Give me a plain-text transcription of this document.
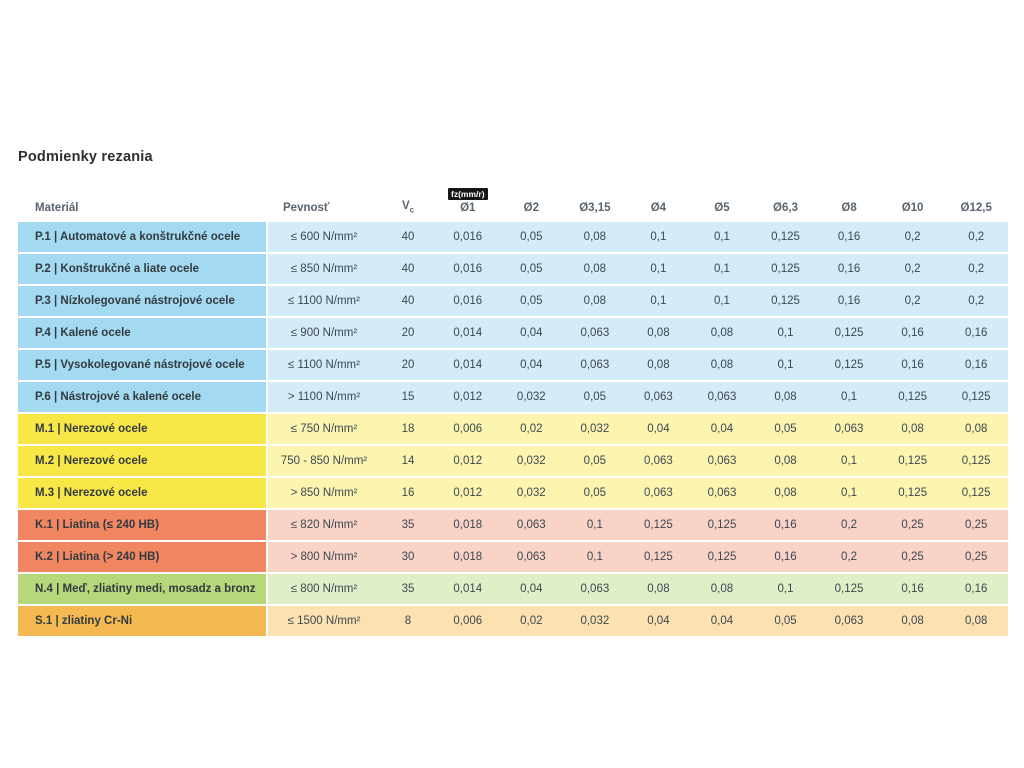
Podmienky rezania
Materiál	Pevnosť	$V_c$	fz(mm/r)
Ø1	Ø2	Ø3,15	Ø4	Ø5	Ø6,3	Ø8	Ø10	Ø12,5

P.1 | Automatové a konštrukčné ocele	≤ 600 N/mm²	40	0,016	0,05	0,08	0,1	0,1	0,125	0,16	0,2	0,2
P.2 | Konštrukčné a liate ocele	≤ 850 N/mm²	40	0,016	0,05	0,08	0,1	0,1	0,125	0,16	0,2	0,2
P.3 | Nízkolegované nástrojové ocele	≤ 1100 N/mm²	40	0,016	0,05	0,08	0,1	0,1	0,125	0,16	0,2	0,2
P.4 | Kalené ocele	≤ 900 N/mm²	20	0,014	0,04	0,063	0,08	0,08	0,1	0,125	0,16	0,16
P.5 | Vysokolegované nástrojové ocele	≤ 1100 N/mm²	20	0,014	0,04	0,063	0,08	0,08	0,1	0,125	0,16	0,16
P.6 | Nástrojové a kalené ocele	> 1100 N/mm²	15	0,012	0,032	0,05	0,063	0,063	0,08	0,1	0,125	0,125
M.1 | Nerezové ocele	≤ 750 N/mm²	18	0,006	0,02	0,032	0,04	0,04	0,05	0,063	0,08	0,08
M.2 | Nerezové ocele	750 - 850 N/mm²	14	0,012	0,032	0,05	0,063	0,063	0,08	0,1	0,125	0,125
M.3 | Nerezové ocele	> 850 N/mm²	16	0,012	0,032	0,05	0,063	0,063	0,08	0,1	0,125	0,125
K.1 | Liatina (≤ 240 HB)	≤ 820 N/mm²	35	0,018	0,063	0,1	0,125	0,125	0,16	0,2	0,25	0,25
K.2 | Liatina (> 240 HB)	> 800 N/mm²	30	0,018	0,063	0,1	0,125	0,125	0,16	0,2	0,25	0,25
N.4 | Meď, zliatiny medi, mosadz a bronz	≤ 800 N/mm²	35	0,014	0,04	0,063	0,08	0,08	0,1	0,125	0,16	0,16
S.1 | zliatiny Cr-Ni	≤ 1500 N/mm²	8	0,006	0,02	0,032	0,04	0,04	0,05	0,063	0,08	0,08
